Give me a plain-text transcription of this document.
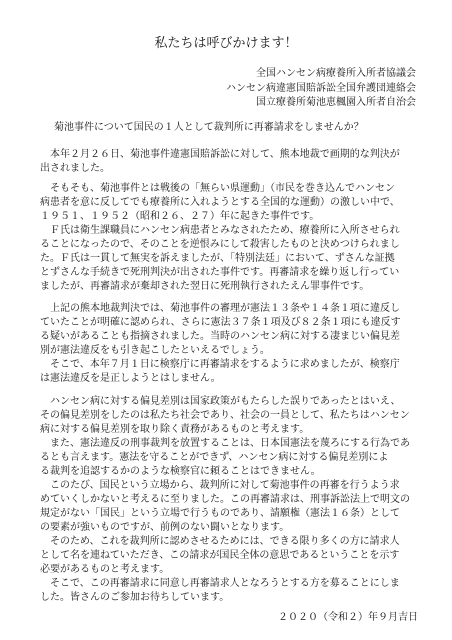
私たちは呼びかけます！
全国ハンセン病療養所入所者協議会
ハンセン病違憲国賠訴訟全国弁護団連絡会
国立療養所菊池恵楓園入所者自治会
菊池事件について国民の１人として裁判所に再審請求をしませんか？
　本年２月２６日、菊池事件違憲国賠訴訟に対して、熊本地裁で画期的な判決が
出されました。
　そもそも、菊池事件とは戦後の「無らい県運動」（市民を巻き込んでハンセン
病患者を意に反してでも療養所に入れようとする全国的な運動）の激しい中で、
１９５１、１９５２（昭和２６、２７）年に起きた事件です。
　Ｆ氏は衛生課職員にハンセン病患者とみなされたため、療養所に入所させられ
ることになったので、そのことを逆恨みにして殺害したものと決めつけられまし
た。Ｆ氏は一貫して無実を訴えましたが、「特別法廷」において、ずさんな証拠
とずさんな手続きで死刑判決が出された事件です。再審請求を繰り返し行ってい
ましたが、再審請求が棄却された翌日に死刑執行されたえん罪事件です。
　上記の熊本地裁判決では、菊池事件の審理が憲法１３条や１４条１項に違反し
ていたことが明確に認められ、さらに憲法３７条１項及び８２条１項にも違反す
る疑いがあることも指摘されました。当時のハンセン病に対する凄まじい偏見差
別が憲法違反をも引き起こしたといえるでしょう。
　そこで、本年７月１日に検察庁に再審請求をするように求めましたが、検察庁
は憲法違反を是正しようとはしません。
　ハンセン病に対する偏見差別は国家政策がもたらした誤りであったとはいえ、
その偏見差別をしたのは私たち社会であり、社会の一員として、私たちはハンセン
病に対する偏見差別を取り除く責務があるものと考えます。
　また、憲法違反の刑事裁判を放置することは、日本国憲法を蔑ろにする行為であ
るとも言えます。憲法を守ることができず、ハンセン病に対する偏見差別によ
る裁判を追認するかのような検察官に頼ることはできません。
　このたび、国民という立場から、裁判所に対して菊池事件の再審を行うよう求
めていくしかないと考えるに至りました。この再審請求は、刑事訴訟法上で明文の
規定がない「国民」という立場で行うものであり、請願権（憲法１６条）として
の要素が強いものですが、前例のない闘いとなります。
　そのため、これを裁判所に認めさせるためには、できる限り多くの方に請求人
として名を連ねていただき、この請求が国民全体の意思であるということを示す
必要があるものと考えます。
　そこで、この再審請求に同意し再審請求人となろうとする方を募ることにしま
した。皆さんのご参加お待ちしています。
２０２０（令和２）年９月吉日
